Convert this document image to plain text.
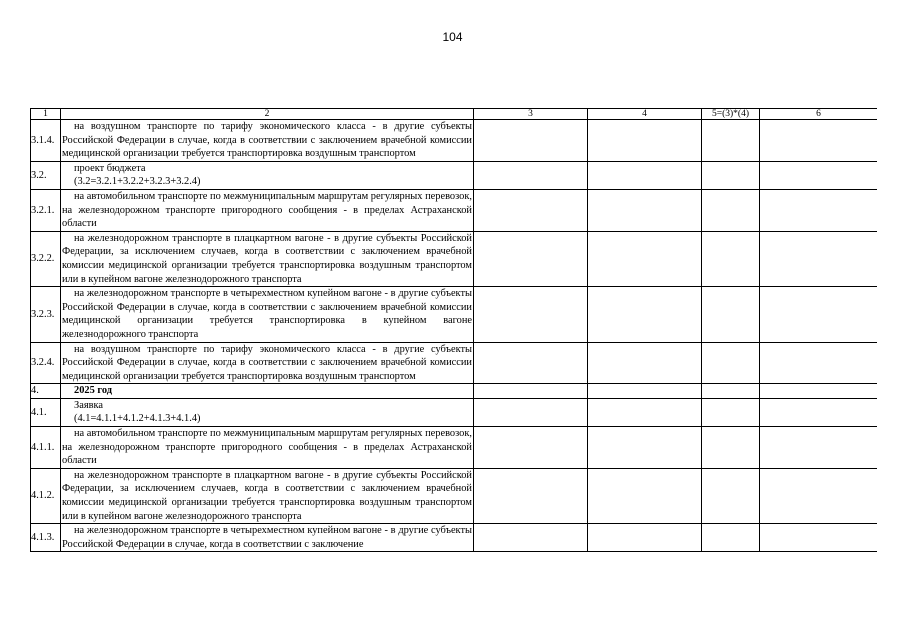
104
1	2	3	4	5=(3)*(4)	6
3.1.4.	на воздушном транспорте по тарифу экономического класса - в другие субъекты Российской Федерации в случае, когда в соответствии с заключением врачебной комиссии медицинской организации требуется транспортировка воздушным транспортом				

3.2.	проект бюджета
(3.2=3.2.1+3.2.2+3.2.3+3.2.4)				

3.2.1.	на автомобильном транспорте по межмуниципальным маршрутам регулярных перевозок, на железнодорожном транспорте пригородного сообщения - в пределах Астраханской области				

3.2.2.	на железнодорожном транспорте в плацкартном вагоне - в другие субъекты Российской Федерации, за исключением случаев, когда в соответствии с заключением врачебной комиссии медицинской организации требуется транспортировка воздушным транспортом или в купейном вагоне железнодорожного транспорта				

3.2.3.	на железнодорожном транспорте в четырехместном купейном вагоне - в другие субъекты Российской Федерации в случае, когда в соответствии с заключением врачебной комиссии медицинской организации требуется транспортировка в купейном вагоне железнодорожного транспорта				

3.2.4.	на воздушном транспорте по тарифу экономического класса - в другие субъекты Российской Федерации в случае, когда в соответствии с заключением врачебной комиссии медицинской организации требуется транспортировка воздушным транспортом				

4.	2025 год				

4.1.	Заявка
(4.1=4.1.1+4.1.2+4.1.3+4.1.4)				

4.1.1.	на автомобильном транспорте по межмуниципальным маршрутам регулярных перевозок, на железнодорожном транспорте пригородного сообщения - в пределах Астраханской области				

4.1.2.	на железнодорожном транспорте в плацкартном вагоне - в другие субъекты Российской Федерации, за исключением случаев, когда в соответствии с заключением врачебной комиссии медицинской организации требуется транспортировка воздушным транспортом или в купейном вагоне железнодорожного транспорта				

4.1.3.	на железнодорожном транспорте в четырехместном купейном вагоне - в другие субъекты Российской Федерации в случае, когда в соответствии с заключение				
